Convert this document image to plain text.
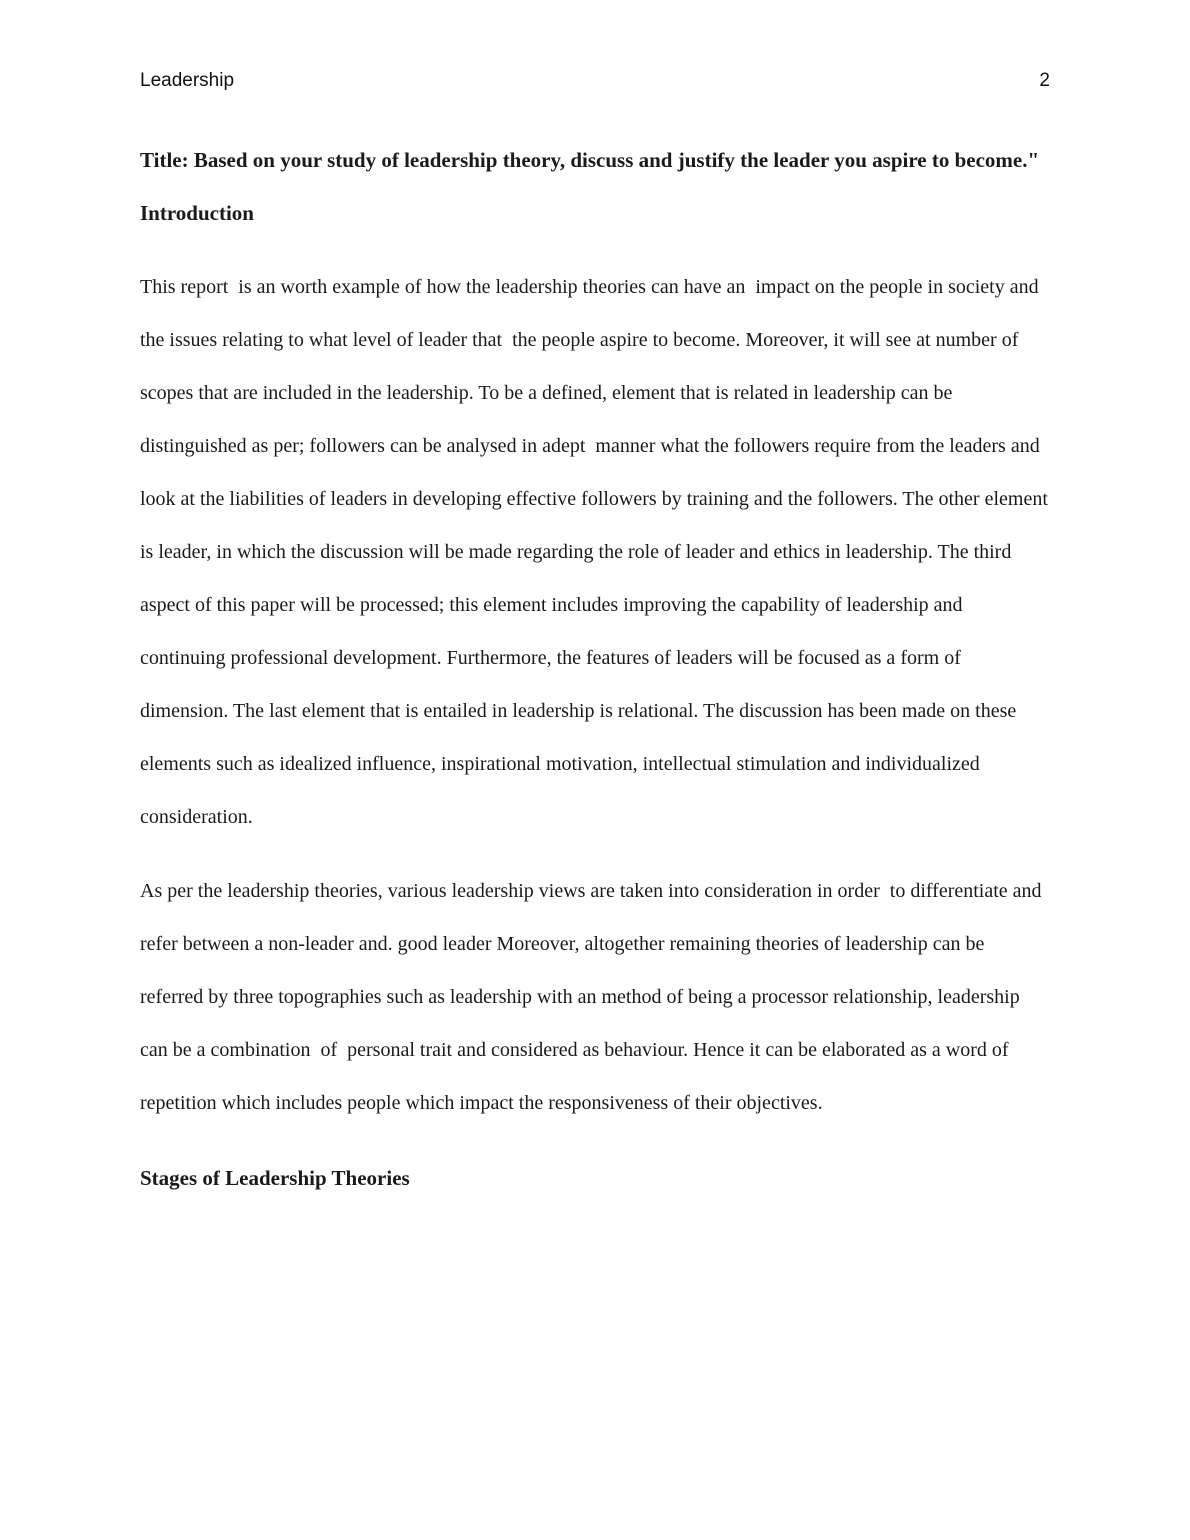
Leadership	2

Title: Based on your study of leadership theory, discuss and justify the leader you aspire to become."

Introduction

This report  is an worth example of how the leadership theories can have an  impact on the people in society and the issues relating to what level of leader that  the people aspire to become. Moreover, it will see at number of scopes that are included in the leadership. To be a defined, element that is related in leadership can be distinguished as per; followers can be analysed in adept  manner what the followers require from the leaders and look at the liabilities of leaders in developing effective followers by training and the followers. The other element is leader, in which the discussion will be made regarding the role of leader and ethics in leadership. The third aspect of this paper will be processed; this element includes improving the capability of leadership and continuing professional development. Furthermore, the features of leaders will be focused as a form of dimension. The last element that is entailed in leadership is relational. The discussion has been made on these elements such as idealized influence, inspirational motivation, intellectual stimulation and individualized consideration.

As per the leadership theories, various leadership views are taken into consideration in order  to differentiate and refer between a non-leader and. good leader Moreover, altogether remaining theories of leadership can be referred by three topographies such as leadership with an method of being a processor relationship, leadership can be a combination  of  personal trait and considered as behaviour. Hence it can be elaborated as a word of repetition which includes people which impact the responsiveness of their objectives.

Stages of Leadership Theories
